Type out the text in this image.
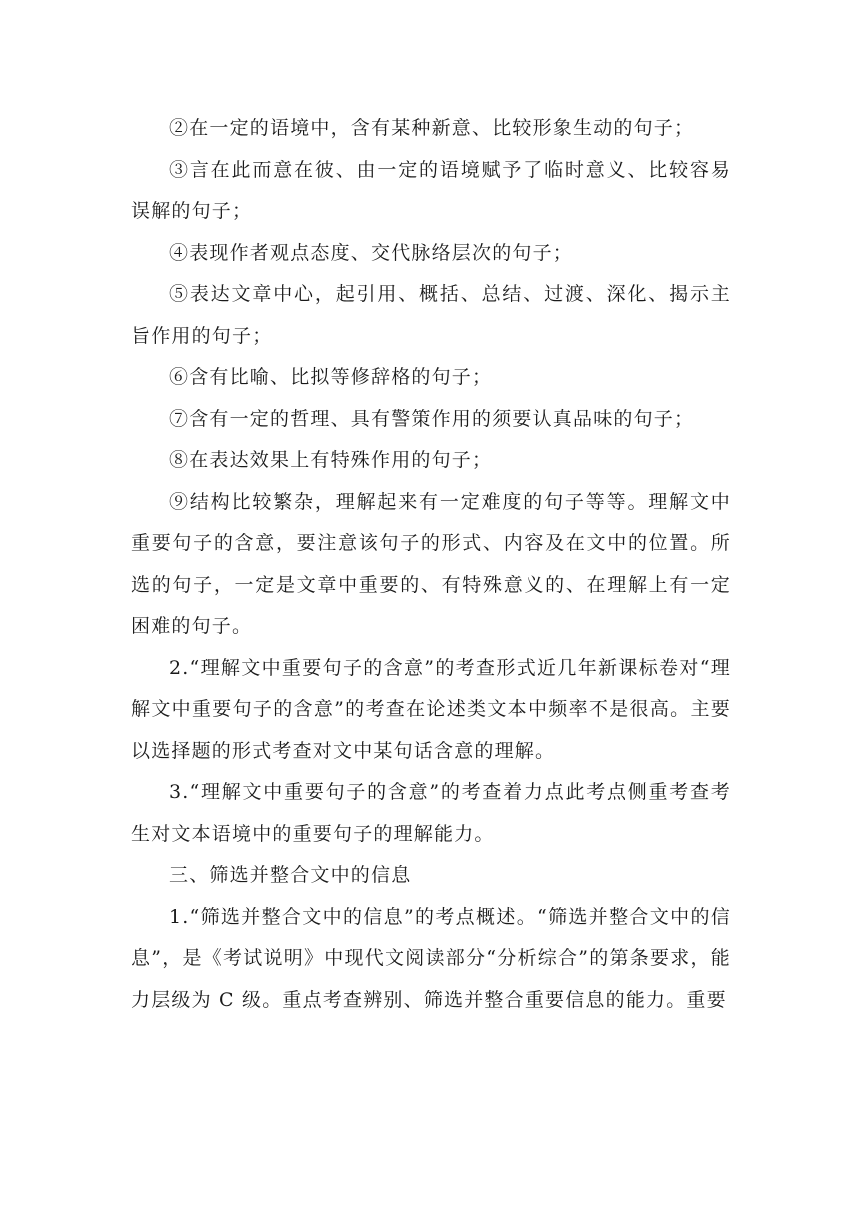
②在一定的语境中，含有某种新意、比较形象生动的句子；

③言在此而意在彼、由一定的语境赋予了临时意义、比较容易误解的句子；

④表现作者观点态度、交代脉络层次的句子；

⑤表达文章中心，起引用、概括、总结、过渡、深化、揭示主旨作用的句子；

⑥含有比喻、比拟等修辞格的句子；

⑦含有一定的哲理、具有警策作用的须要认真品味的句子；

⑧在表达效果上有特殊作用的句子；

⑨结构比较繁杂，理解起来有一定难度的句子等等。理解文中重要句子的含意，要注意该句子的形式、内容及在文中的位置。所选的句子，一定是文章中重要的、有特殊意义的、在理解上有一定困难的句子。

2.“理解文中重要句子的含意”的考查形式近几年新课标卷对“理解文中重要句子的含意”的考查在论述类文本中频率不是很高。主要以选择题的形式考查对文中某句话含意的理解。

3.“理解文中重要句子的含意”的考查着力点此考点侧重考查考生对文本语境中的重要句子的理解能力。

三、筛选并整合文中的信息

1.“筛选并整合文中的信息”的考点概述。“筛选并整合文中的信息”，是《考试说明》中现代文阅读部分“分析综合”的第条要求，能力层级为 C 级。重点考查辨别、筛选并整合重要信息的能力。重要
